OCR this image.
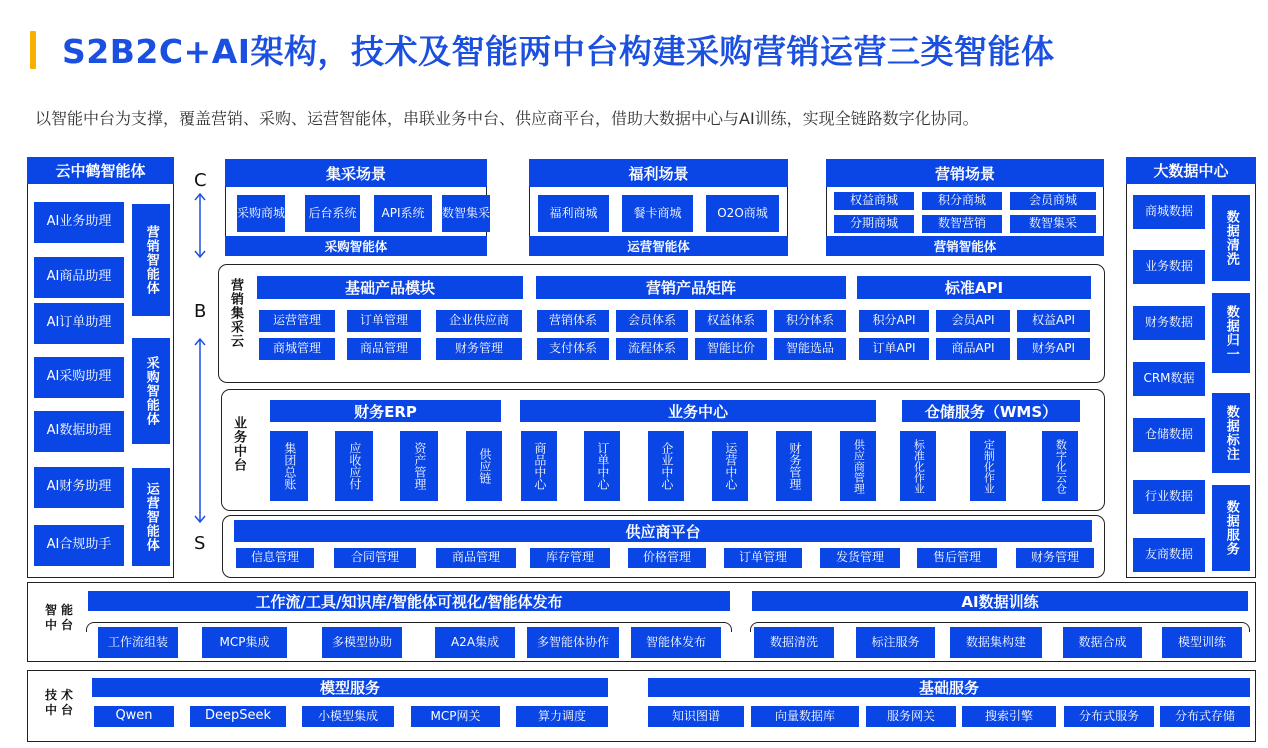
S2B2C+AI架构，技术及智能两中台构建采购营销运营三类智能体
以智能中台为支撑，覆盖营销、采购、运营智能体，串联业务中台、供应商平台，借助大数据中心与AI训练，实现全链路数字化协同。
云中鹤智能体
AI业务助理
AI商品助理
AI订单助理
AI采购助理
AI数据助理
AI财务助理
AI合规助手
营销智能体
采购智能体
运营智能体
C
B
S
集采场景
采购智能体
采购商城 后台系统	API系统	数智集采
福利场景
运营智能体
福利商城	餐卡商城	O2O商城
营销场景
营销智能体
权益商城	积分商城	会员商城
分期商城	数智营销	数智集采
营销集采云	基础产品模块	营销产品矩阵	标准API
运营管理	订单管理	企业供应商
商城管理	商品管理	财务管理
营销体系	会员体系	权益体系	积分体系
支付体系	流程体系	智能比价	智能选品
积分API	会员API	权益API
订单API	商品API	财务API
业务中台
财务ERP	业务中心	仓储服务（WMS）
集团总账	应收应付	资产管理	供应链	商品中心	订单中心	企业中心	运营中心	财务管理	供应商管理	标准化作业	定制化作业	数字化云仓
供应商平台
信息管理	合同管理	商品管理	库存管理	价格管理	订单管理	发货管理	售后管理	财务管理
大数据中心
商城数据
业务数据
财务数据
CRM数据
仓储数据
行业数据
友商数据
数据清洗
数据归一
数据标注
数据服务
智能中台
工作流/工具/知识库/智能体可视化/智能体发布	AI数据训练
工作流组装	MCP集成	多模型协助	A2A集成	多智能体协作	智能体发布	数据清洗	标注服务	数据集构建	数据合成	模型训练
技术中台
模型服务	基础服务
Qwen	DeepSeek	小模型集成	MCP网关	算力调度	知识图谱	向量数据库	服务网关	搜索引擎	分布式服务	分布式存储
